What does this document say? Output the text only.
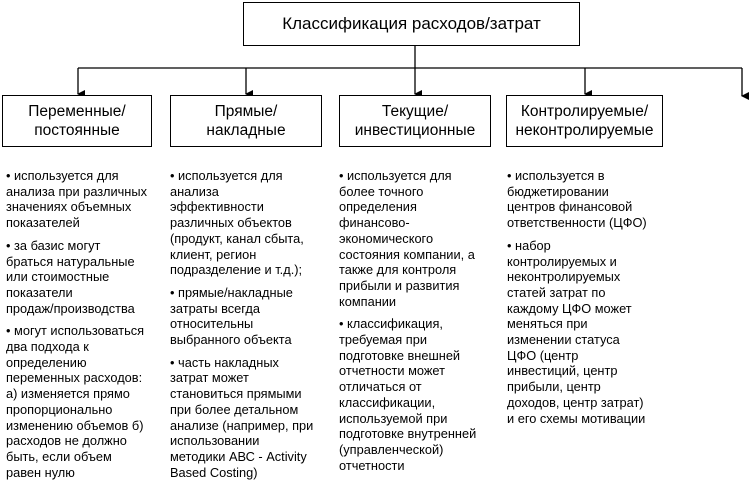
Классификация расходов/затрат
Переменные/
постоянные
Прямые/
накладные
Текущие/
инвестиционные
Контролируемые/
неконтролируемые

• используется для
анализа при различных
значениях объемных
показателей

• за базис могут
браться натуральные
или стоимостные
показатели
продаж/производства

• могут использоваться
два подхода к
определению
переменных расходов:
а) изменяется прямо
пропорционально
изменению объемов б)
расходов не должно
быть, если объем
равен нулю

• используется для
анализа
эффективности
различных объектов
(продукт, канал сбыта,
клиент, регион
подразделение и т.д.);

• прямые/накладные
затраты всегда
относительны
выбранного объекта

• часть накладных
затрат может
становиться прямыми
при более детальном
анализе (например, при
использовании
методики АВС - Activity
Based Costing)

• используется для
более точного
определения
финансово-
экономического
состояния компании, а
также для контроля
прибыли и развития
компании

• классификация,
требуемая при
подготовке внешней
отчетности может
отличаться от
классификации,
используемой при
подготовке внутренней
(управленческой)
отчетности

• используется в
бюджетировании
центров финансовой
ответственности (ЦФО)

• набор
контролируемых и
неконтролируемых
статей затрат по
каждому ЦФО может
меняться при
изменении статуса
ЦФО (центр
инвестиций, центр
прибыли, центр
доходов, центр затрат)
и его схемы мотивации
